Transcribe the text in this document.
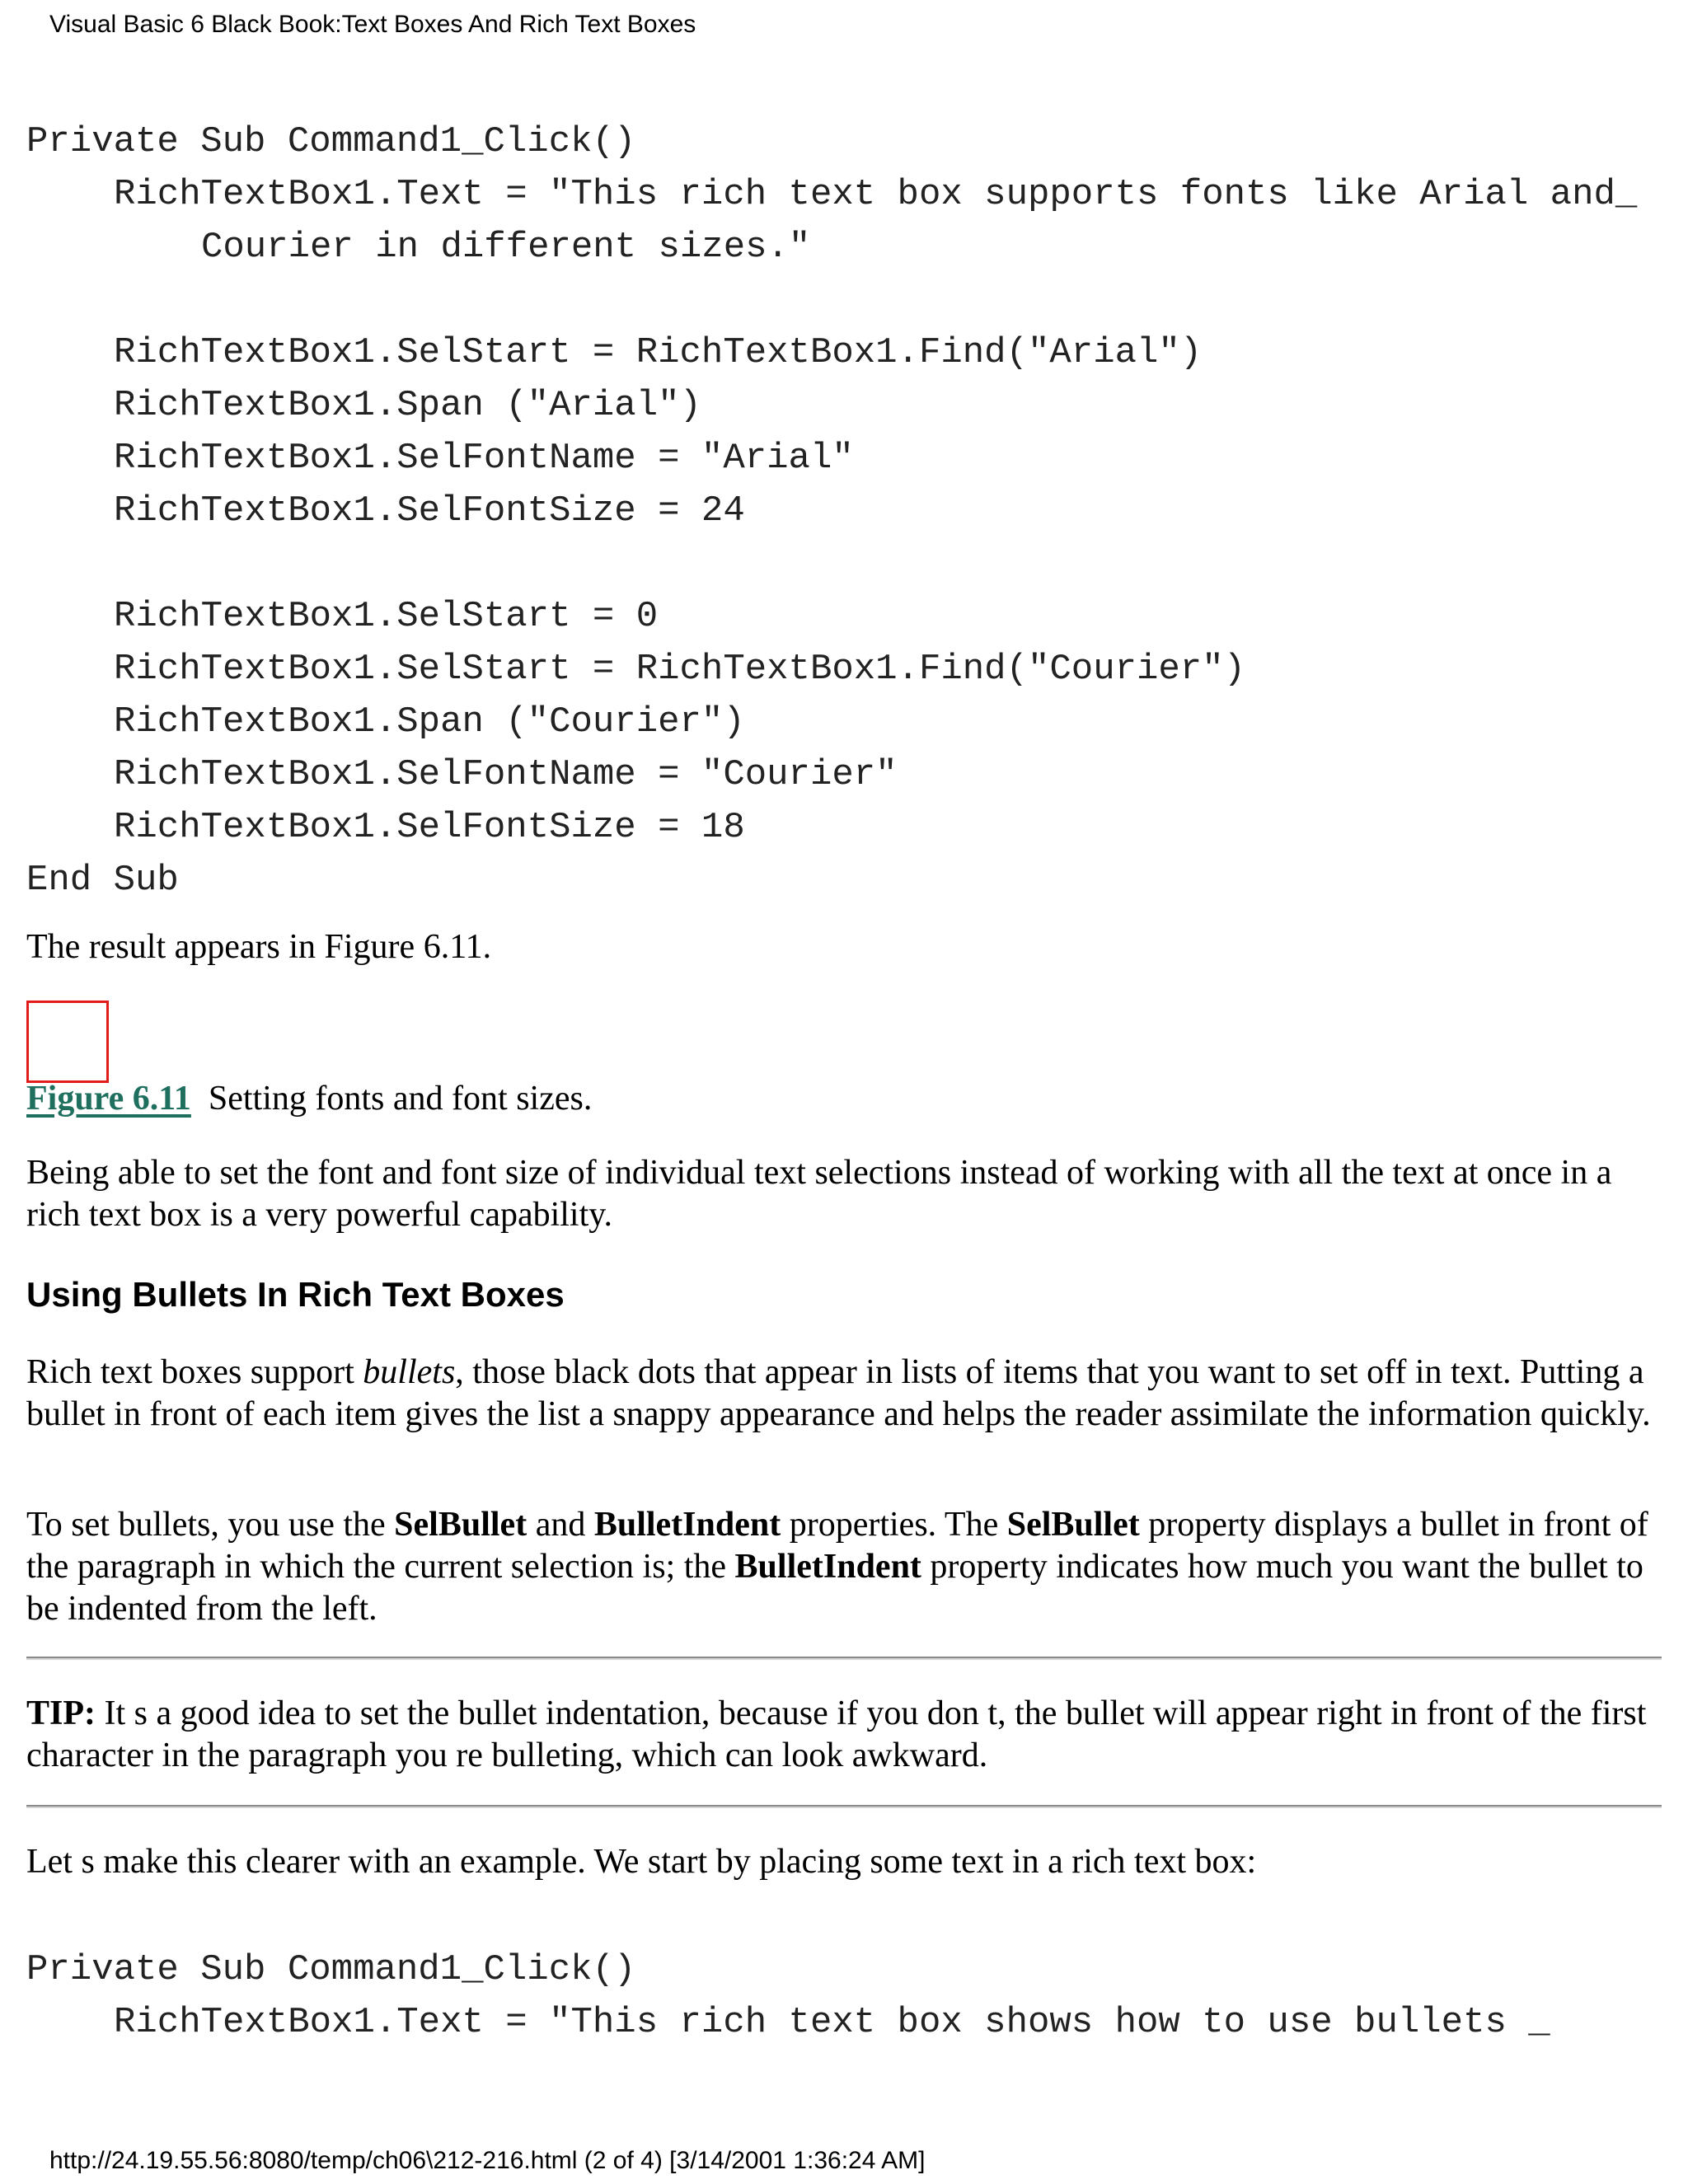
Visual Basic 6 Black Book:Text Boxes And Rich Text Boxes
Private Sub Command1_Click()
RichTextBox1.Text = "This rich text box supports fonts like Arial and_
Courier in different sizes."
RichTextBox1.SelStart = RichTextBox1.Find("Arial")
RichTextBox1.Span ("Arial")
RichTextBox1.SelFontName = "Arial"
RichTextBox1.SelFontSize = 24
RichTextBox1.SelStart = 0
RichTextBox1.SelStart = RichTextBox1.Find("Courier")
RichTextBox1.Span ("Courier")
RichTextBox1.SelFontName = "Courier"
RichTextBox1.SelFontSize = 18
End Sub

The result appears in Figure 6.11.

Figure 6.11 Setting fonts and font sizes.

Being able to set the font and font size of individual text selections instead of working with all the text at once in a rich text box is a very powerful capability.

Using Bullets In Rich Text Boxes

Rich text boxes support bullets, those black dots that appear in lists of items that you want to set off in text. Putting a bullet in front of each item gives the list a snappy appearance and helps the reader assimilate the information quickly.

To set bullets, you use the SelBullet and BulletIndent properties. The SelBullet property displays a bullet in front of the paragraph in which the current selection is; the BulletIndent property indicates how much you want the bullet to be indented from the left.

TIP: It s a good idea to set the bullet indentation, because if you don t, the bullet will appear right in front of the first character in the paragraph you re bulleting, which can look awkward.

Let s make this clearer with an example. We start by placing some text in a rich text box:

Private Sub Command1_Click()
RichTextBox1.Text = "This rich text box shows how to use bullets _
http://24.19.55.56:8080/temp/ch06\212-216.html (2 of 4) [3/14/2001 1:36:24 AM]
